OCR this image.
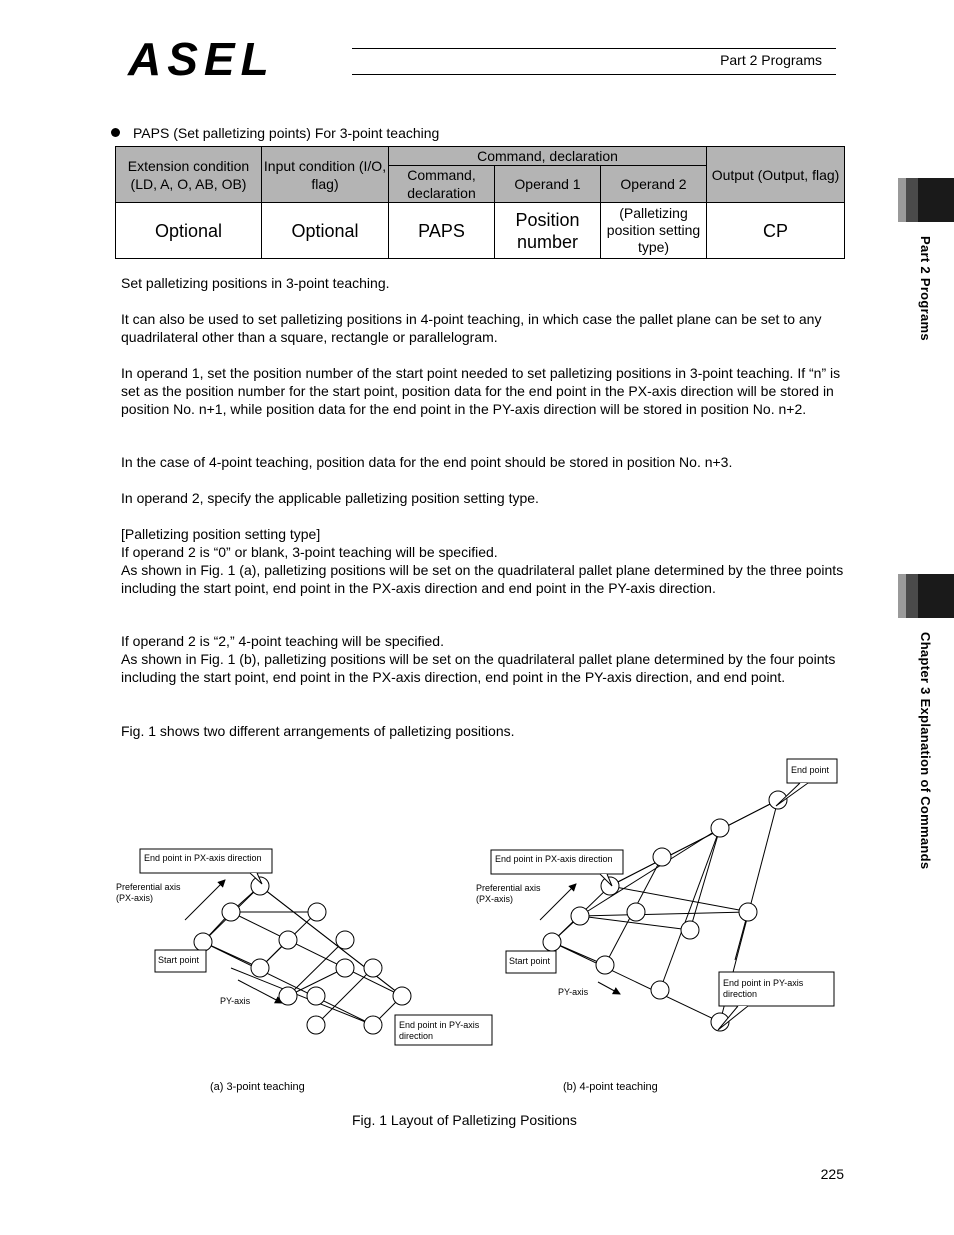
ASEL	Part 2 Programs
Part 2 Programs
Chapter 3 Explanation of Commands
PAPS (Set palletizing points) For 3-point teaching
Extension condition (LD, A, O, AB, OB)	Input condition (I/O, flag)	Command, declaration			Output (Output, flag)
		Command, declaration	Operand 1	Operand 2	
Optional	Optional	PAPS	Position number	(Palletizing position setting type)	CP
Set palletizing positions in 3-point teaching.
It can also be used to set palletizing positions in 4-point teaching, in which case the pallet plane can be set to any quadrilateral other than a square, rectangle or parallelogram.
In operand 1, set the position number of the start point needed to set palletizing positions in 3-point teaching. If “n” is set as the position number for the start point, position data for the end point in the PX-axis direction will be stored in position No. n+1, while position data for the end point in the PY-axis direction will be stored in position No. n+2.
In the case of 4-point teaching, position data for the end point should be stored in position No. n+3.
In operand 2, specify the applicable palletizing position setting type.
[Palletizing position setting type]
If operand 2 is “0” or blank, 3-point teaching will be specified.
As shown in Fig. 1 (a), palletizing positions will be set on the quadrilateral pallet plane determined by the three points including the start point, end point in the PX-axis direction and end point in the PY-axis direction.
If operand 2 is “2,” 4-point teaching will be specified.
As shown in Fig. 1 (b), palletizing positions will be set on the quadrilateral pallet plane determined by the four points including the start point, end point in the PX-axis direction, end point in the PY-axis direction, and end point.
Fig. 1 shows two different arrangements of palletizing positions.
End point in PX-axis direction
Preferential axis
(PX-axis)
Start point
PY-axis
End point in PY-axis
direction
(a) 3-point teaching
End point
End point in PX-axis direction
Preferential axis
(PX-axis)
Start point
PY-axis
End point in PY-axis
direction
(b) 4-point teaching
Fig. 1 Layout of Palletizing Positions
225
